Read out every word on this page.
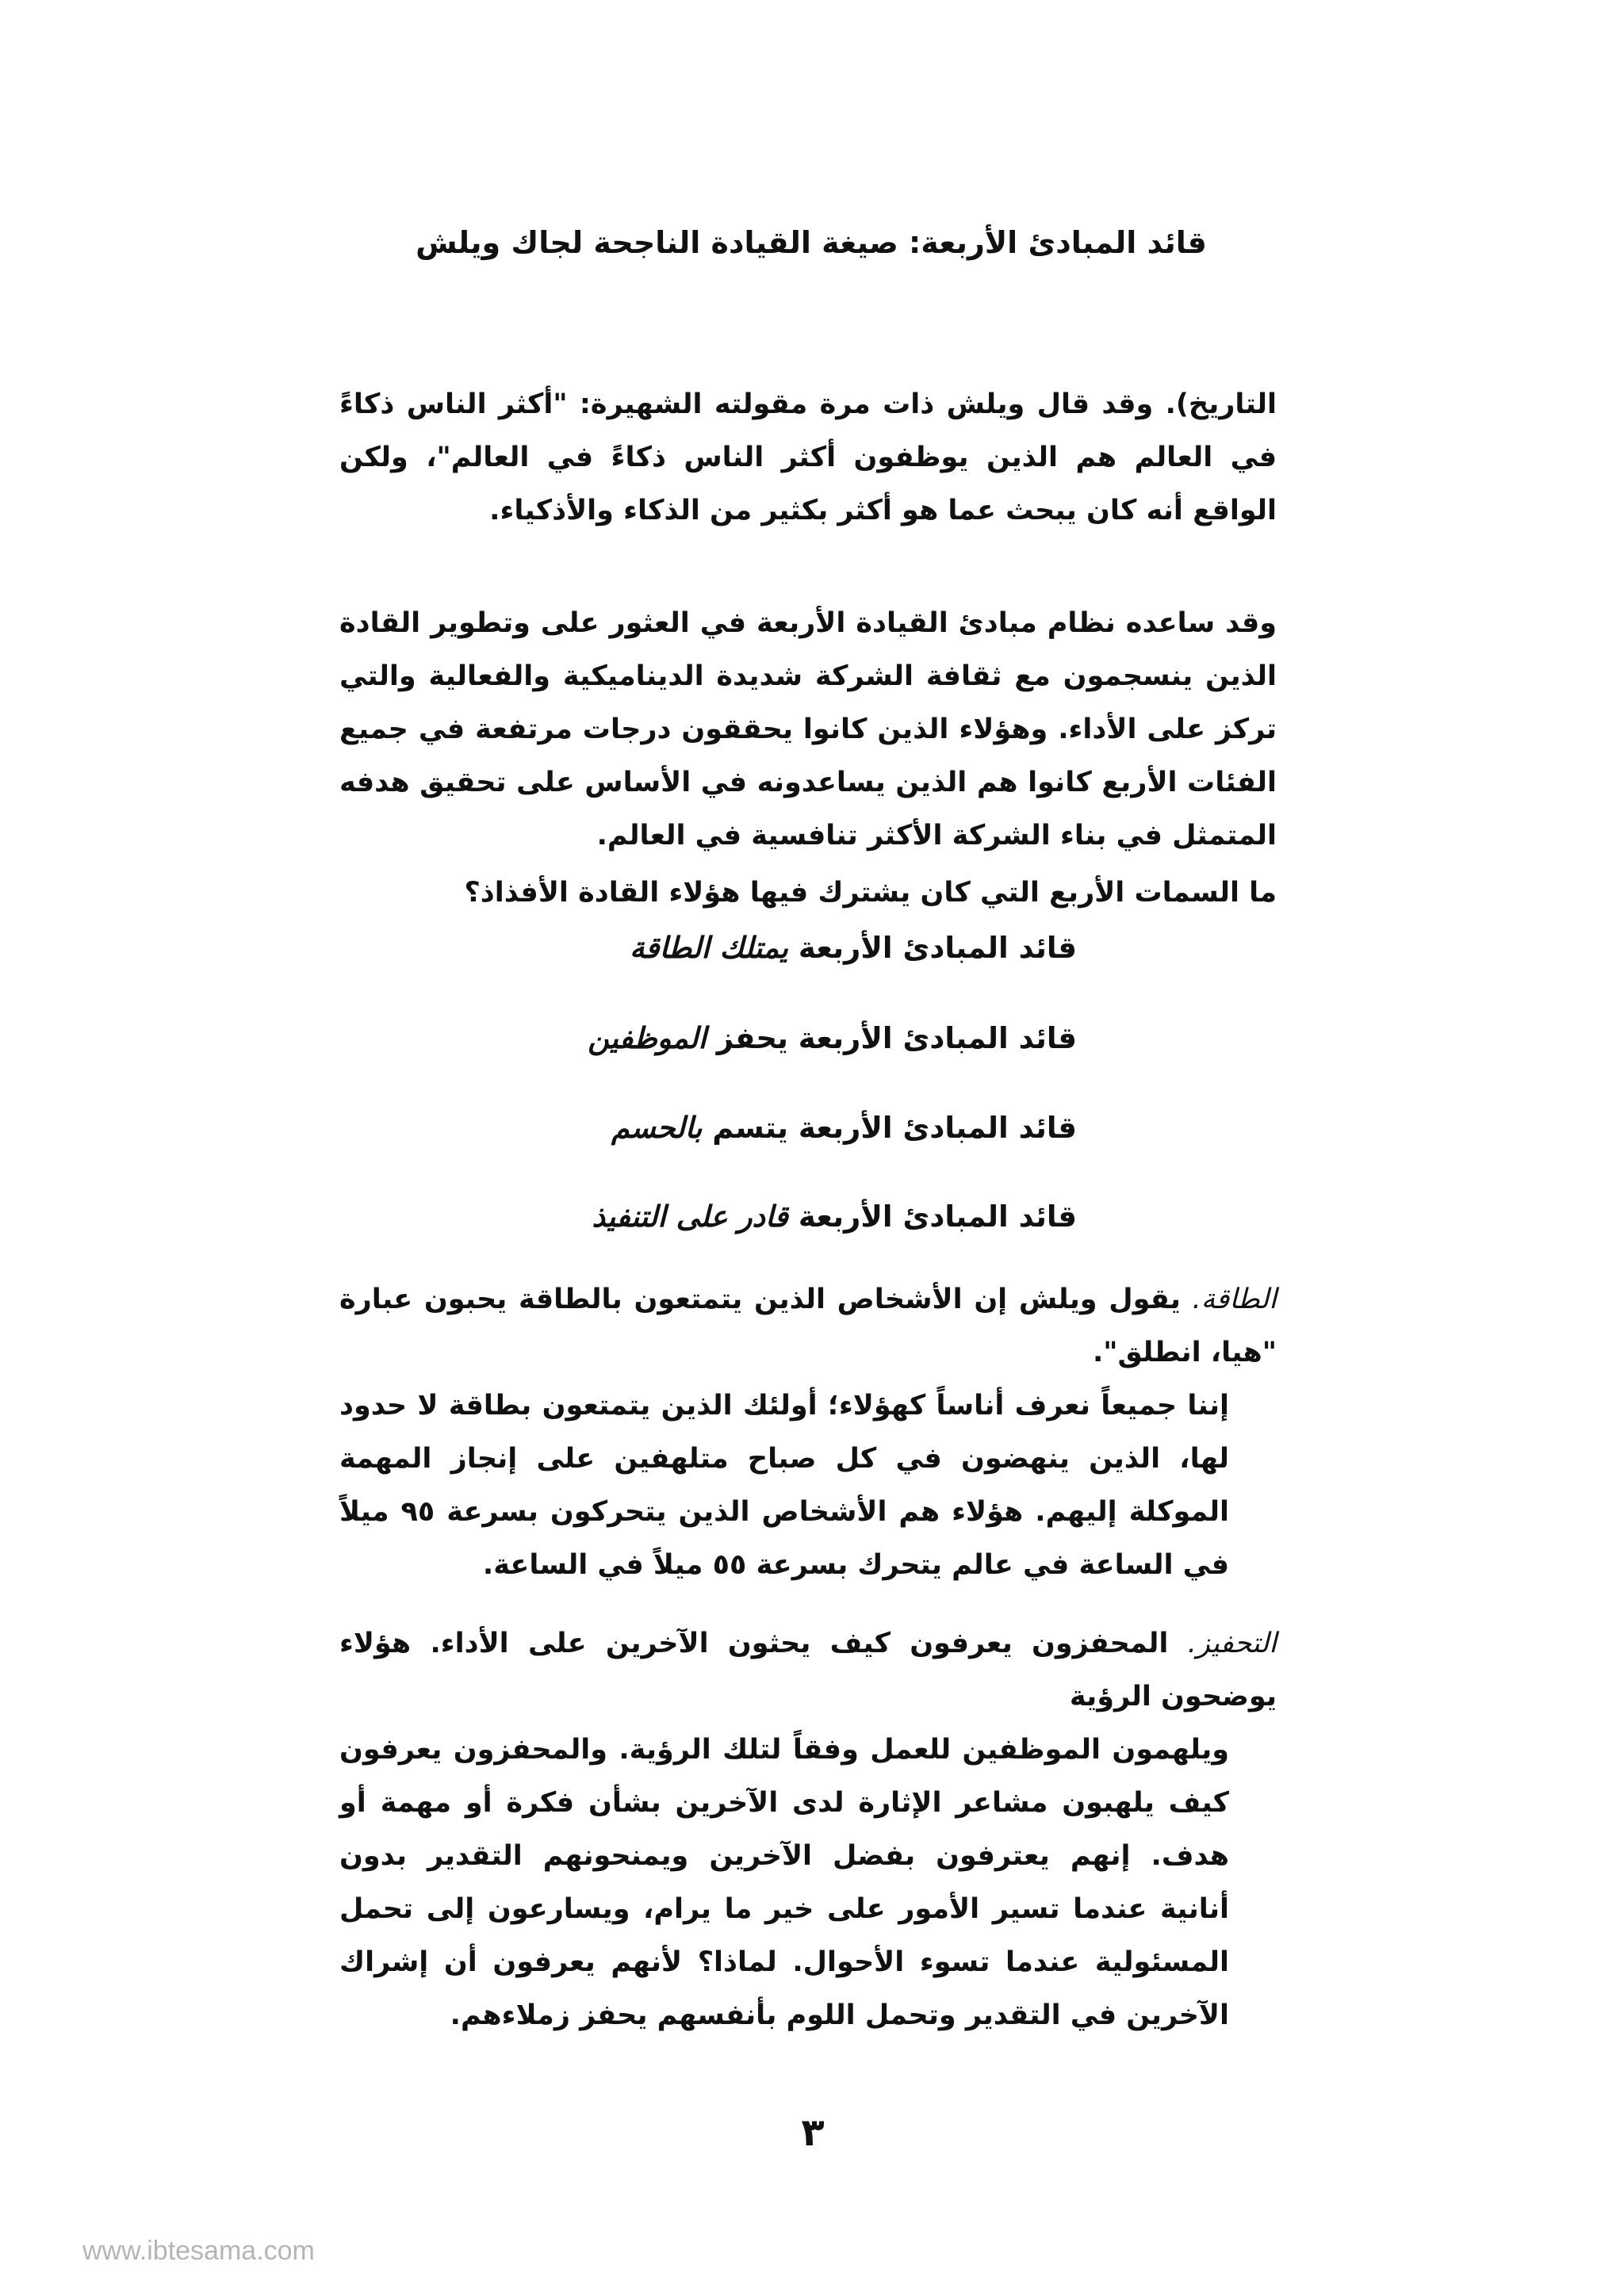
قائد المبادئ الأربعة: صيغة القيادة الناجحة لجاك ويلش

التاريخ). وقد قال ويلش ذات مرة مقولته الشهيرة: "أكثر الناس ذكاءً في العالم هم الذين يوظفون أكثر الناس ذكاءً في العالم"، ولكن الواقع أنه كان يبحث عما هو أكثر بكثير من الذكاء والأذكياء.

وقد ساعده نظام مبادئ القيادة الأربعة في العثور على وتطوير القادة الذين ينسجمون مع ثقافة الشركة شديدة الديناميكية والفعالية والتي تركز على الأداء. وهؤلاء الذين كانوا يحققون درجات مرتفعة في جميع الفئات الأربع كانوا هم الذين يساعدونه في الأساس على تحقيق هدفه المتمثل في بناء الشركة الأكثر تنافسية في العالم.

ما السمات الأربع التي كان يشترك فيها هؤلاء القادة الأفذاذ؟

قائد المبادئ الأربعة يمتلك الطاقة
قائد المبادئ الأربعة يحفز الموظفين
قائد المبادئ الأربعة يتسم بالحسم
قائد المبادئ الأربعة قادر على التنفيذ
الطاقة. يقول ويلش إن الأشخاص الذين يتمتعون بالطاقة يحبون عبارة "هيا، انطلق".
إننا جميعاً نعرف أناساً كهؤلاء؛ أولئك الذين يتمتعون بطاقة لا حدود لها، الذين ينهضون في كل صباح متلهفين على إنجاز المهمة الموكلة إليهم. هؤلاء هم الأشخاص الذين يتحركون بسرعة ٩٥ ميلاً في الساعة في عالم يتحرك بسرعة ٥٥ ميلاً في الساعة.
التحفيز. المحفزون يعرفون كيف يحثون الآخرين على الأداء. هؤلاء يوضحون الرؤية
ويلهمون الموظفين للعمل وفقاً لتلك الرؤية. والمحفزون يعرفون كيف يلهبون مشاعر الإثارة لدى الآخرين بشأن فكرة أو مهمة أو هدف. إنهم يعترفون بفضل الآخرين ويمنحونهم التقدير بدون أنانية عندما تسير الأمور على خير ما يرام، ويسارعون إلى تحمل المسئولية عندما تسوء الأحوال. لماذا؟ لأنهم يعرفون أن إشراك الآخرين في التقدير وتحمل اللوم بأنفسهم يحفز زملاءهم.
٣
www.ibtesama.com
